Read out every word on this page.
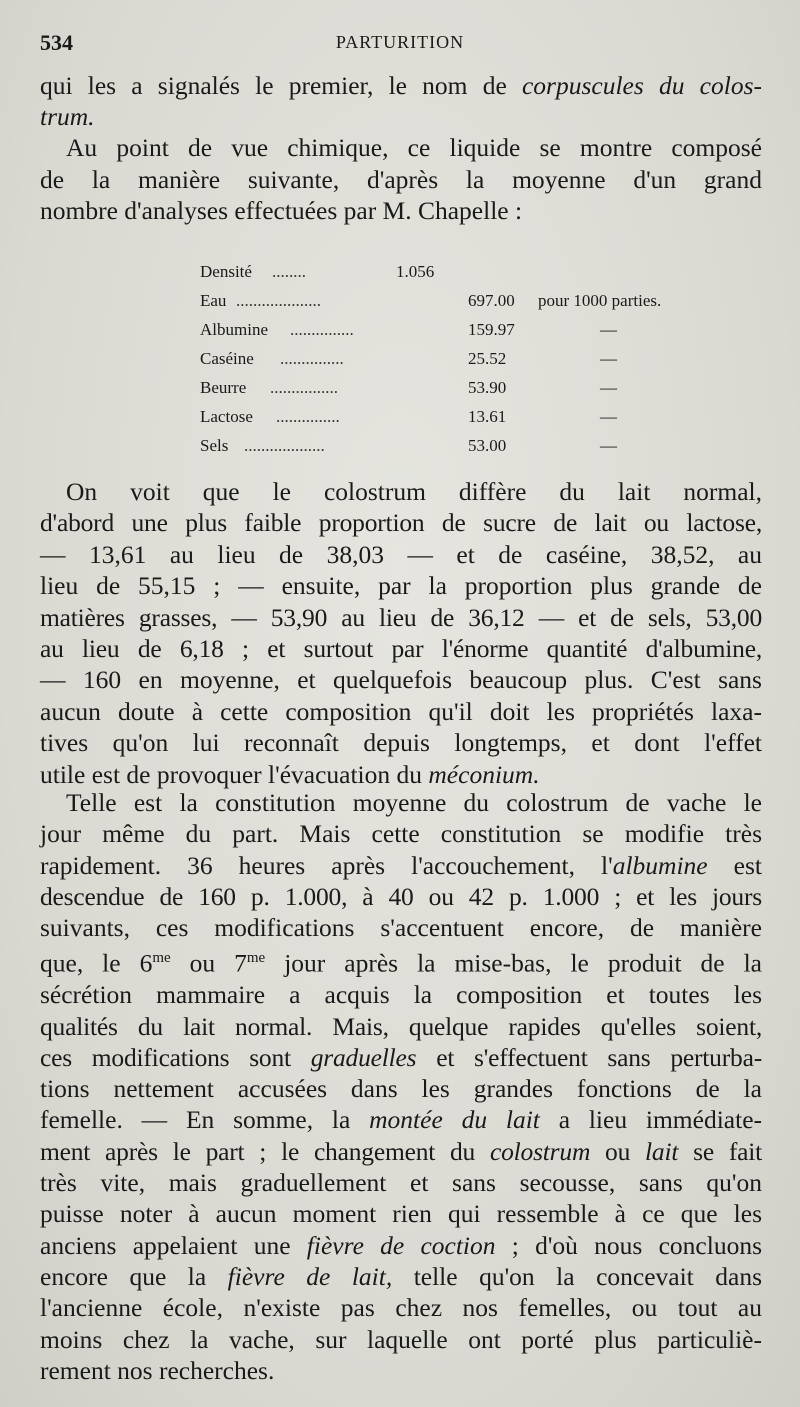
534	PARTURITION
qui les a signalés le premier, le nom de corpuscules du colos-
trum.
Au point de vue chimique, ce liquide se montre composé
de la manière suivante, d'après la moyenne d'un grand
nombre d'analyses effectuées par M. Chapelle :
Densité ........	1.056
Eau ....................	697.00 pour 1000 parties.
Albumine ...............	159.97	—
Caséine ...............	25.52	—
Beurre ................	53.90	—
Lactose ...............	13.61	—
Sels ...................	53.00	—
On voit que le colostrum diffère du lait normal,
d'abord une plus faible proportion de sucre de lait ou lactose,
— 13,61 au lieu de 38,03 — et de caséine, 38,52, au
lieu de 55,15 ; — ensuite, par la proportion plus grande de
matières grasses, — 53,90 au lieu de 36,12 — et de sels, 53,00
au lieu de 6,18 ; et surtout par l'énorme quantité d'albumine,
— 160 en moyenne, et quelquefois beaucoup plus. C'est sans
aucun doute à cette composition qu'il doit les propriétés laxa-
tives qu'on lui reconnaît depuis longtemps, et dont l'effet
utile est de provoquer l'évacuation du méconium.
Telle est la constitution moyenne du colostrum de vache le
jour même du part. Mais cette constitution se modifie très
rapidement. 36 heures après l'accouchement, l'albumine est
descendue de 160 p. 1.000, à 40 ou 42 p. 1.000 ; et les jours
suivants, ces modifications s'accentuent encore, de manière
que, le $6^{me}$ ou $7^{me}$ jour après la mise-bas, le produit de la
sécrétion mammaire a acquis la composition et toutes les
qualités du lait normal. Mais, quelque rapides qu'elles soient,
ces modifications sont graduelles et s'effectuent sans perturba-
tions nettement accusées dans les grandes fonctions de la
femelle. — En somme, la montée du lait a lieu immédiate-
ment après le part ; le changement du colostrum ou lait se fait
très vite, mais graduellement et sans secousse, sans qu'on
puisse noter à aucun moment rien qui ressemble à ce que les
anciens appelaient une fièvre de coction ; d'où nous concluons
encore que la fièvre de lait, telle qu'on la concevait dans
l'ancienne école, n'existe pas chez nos femelles, ou tout au
moins chez la vache, sur laquelle ont porté plus particuliè-
rement nos recherches.
